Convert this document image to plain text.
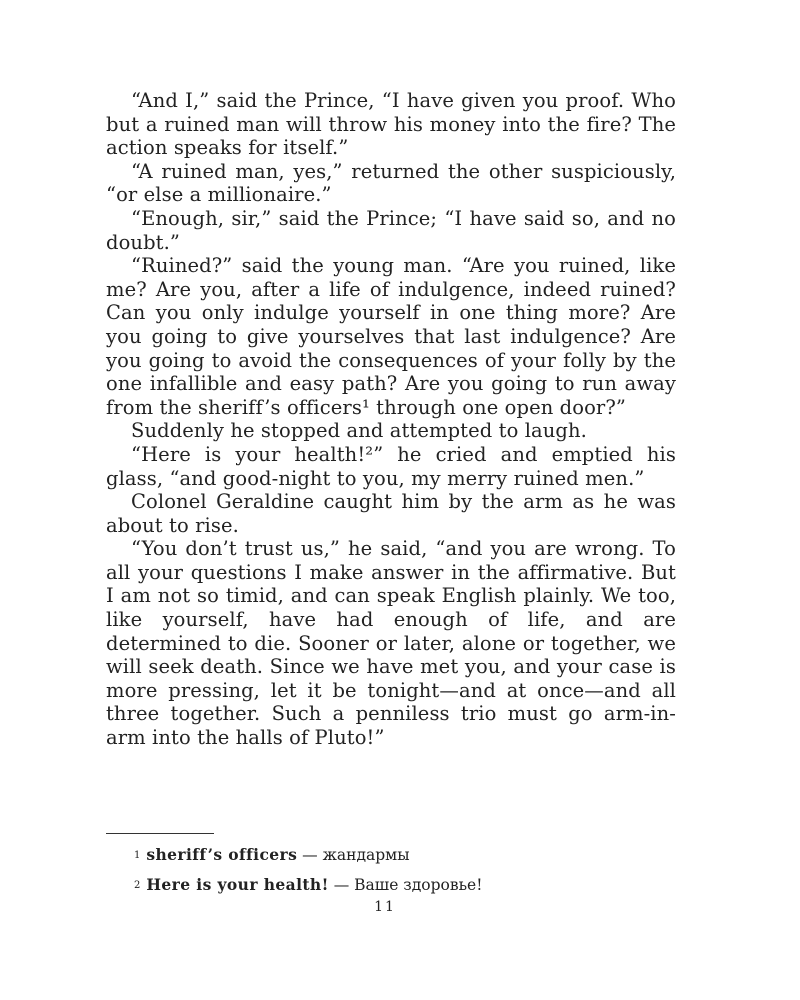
“And I,” said the Prince, “I have given you proof. Who but a ruined man will throw his money into the fire? The action speaks for itself.”

“A ruined man, yes,” returned the other suspiciously, “or else a millionaire.”

“Enough, sir,” said the Prince; “I have said so, and no doubt.”

“Ruined?” said the young man. “Are you ruined, like me? Are you, after a life of indulgence, indeed ruined? Can you only indulge yourself in one thing more? Are you going to give yourselves that last indulgence? Are you going to avoid the consequences of your folly by the one infallible and easy path? Are you going to run away from the sheriff’s officers¹ through one open door?”

Suddenly he stopped and attempted to laugh.

“Here is your health!²” he cried and emptied his glass, “and good-night to you, my merry ruined men.”

Colonel Geraldine caught him by the arm as he was about to rise.

“You don’t trust us,” he said, “and you are wrong. To all your questions I make answer in the affirmative. But I am not so timid, and can speak English plainly. We too, like yourself, have had enough of life, and are determined to die. Sooner or later, alone or together, we will seek death. Since we have met you, and your case is more pressing, let it be tonight—and at once—and all three together. Such a penniless trio must go arm-in-arm into the halls of Pluto!”

$^1$ sheriff’s officers — жандармы

$^2$ Here is your health! — Ваше здоровье!

11
